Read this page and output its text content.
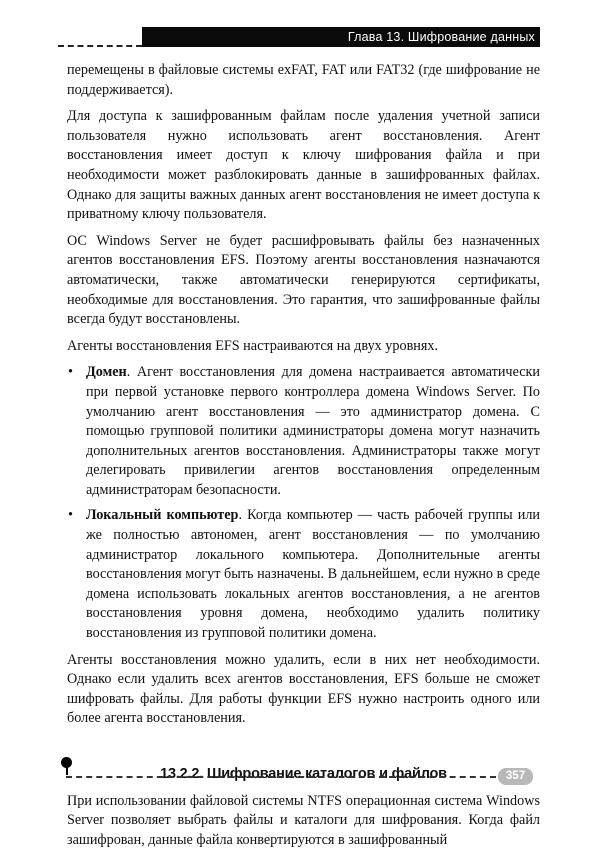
Глава 13. Шифрование данных

перемещены в файловые системы exFAT, FAT или FAT32 (где шифрование не поддерживается).

Для доступа к зашифрованным файлам после удаления учетной записи пользователя нужно использовать агент восстановления. Агент восстановления имеет доступ к ключу шифрования файла и при необходимости может разблокировать данные в зашифрованных файлах. Однако для защиты важных данных агент восстановления не имеет доступа к приватному ключу пользователя.

ОС Windows Server не будет расшифровывать файлы без назначенных агентов восстановления EFS. Поэтому агенты восстановления назначаются автоматически, также автоматически генерируются сертификаты, необходимые для восстановления. Это гарантия, что зашифрованные файлы всегда будут восстановлены.

Агенты восстановления EFS настраиваются на двух уровнях.

• Домен. Агент восстановления для домена настраивается автоматически при первой установке первого контроллера домена Windows Server. По умолчанию агент восстановления — это администратор домена. С помощью групповой политики администраторы домена могут назначить дополнительных агентов восстановления. Администраторы также могут делегировать привилегии агентов восстановления определенным администраторам безопасности.
• Локальный компьютер. Когда компьютер — часть рабочей группы или же полностью автономен, агент восстановления — по умолчанию администратор локального компьютера. Дополнительные агенты восстановления могут быть назначены. В дальнейшем, если нужно в среде домена использовать локальных агентов восстановления, а не агентов восстановления уровня домена, необходимо удалить политику восстановления из групповой политики домена.

Агенты восстановления можно удалить, если в них нет необходимости. Однако если удалить всех агентов восстановления, EFS больше не сможет шифровать файлы. Для работы функции EFS нужно настроить одного или более агента восстановления.

13.2.2. Шифрование каталогов и файлов

При использовании файловой системы NTFS операционная система Windows Server позволяет выбрать файлы и каталоги для шифрования. Когда файл зашифрован, данные файла конвертируются в зашифрованный

357
